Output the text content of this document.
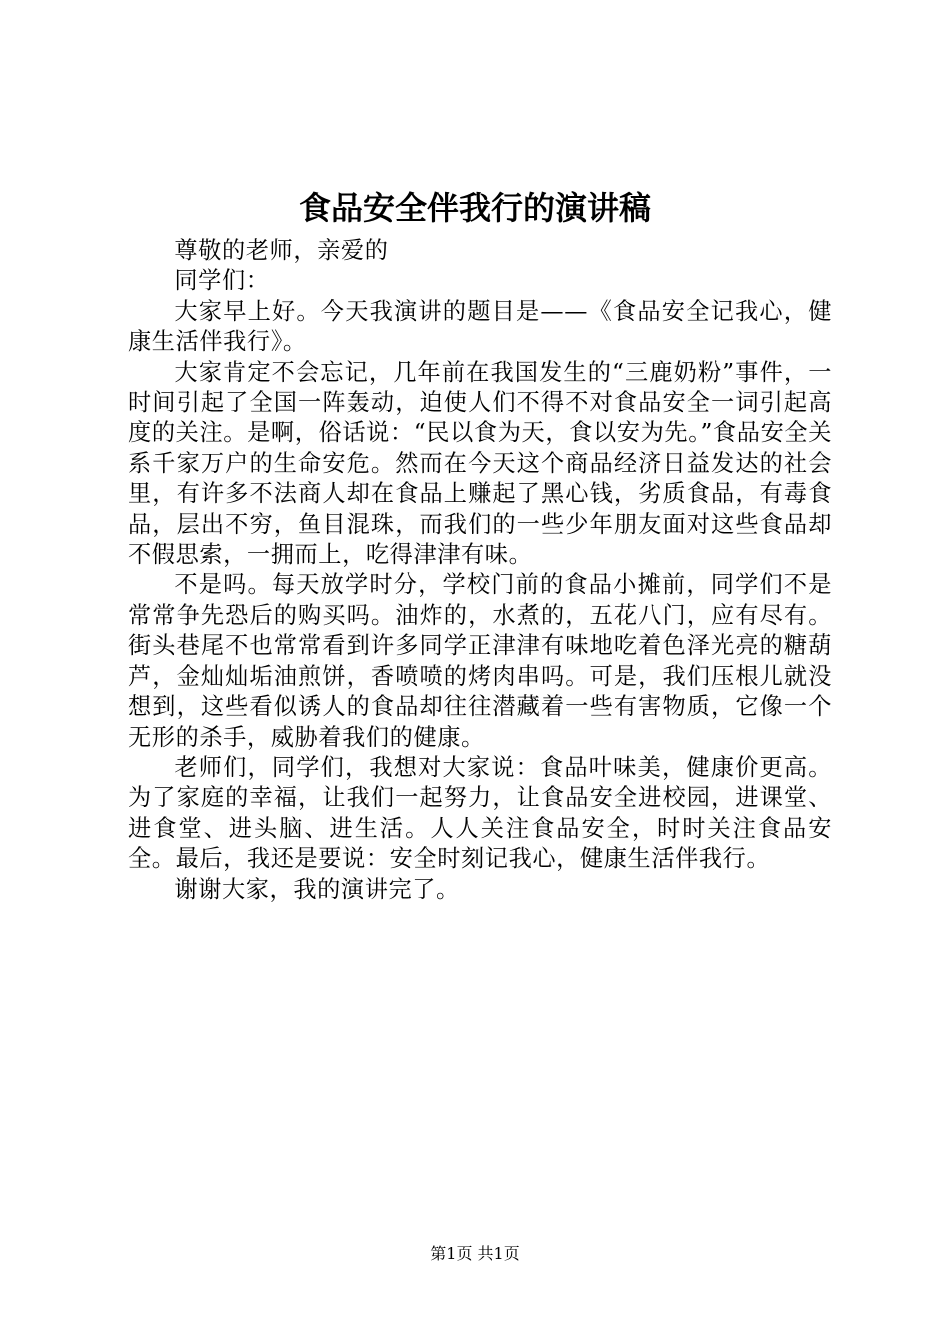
食品安全伴我行的演讲稿

尊敬的老师，亲爱的

同学们：

大家早上好。今天我演讲的题目是——《食品安全记我心，健康生活伴我行》。

大家肯定不会忘记，几年前在我国发生的“三鹿奶粉”事件，一时间引起了全国一阵轰动，迫使人们不得不对食品安全一词引起高度的关注。是啊，俗话说：“民以食为天，食以安为先。”食品安全关系千家万户的生命安危。然而在今天这个商品经济日益发达的社会里，有许多不法商人却在食品上赚起了黑心钱，劣质食品，有毒食品，层出不穷，鱼目混珠，而我们的一些少年朋友面对这些食品却不假思索，一拥而上，吃得津津有味。

不是吗。每天放学时分，学校门前的食品小摊前，同学们不是常常争先恐后的购买吗。油炸的，水煮的，五花八门，应有尽有。街头巷尾不也常常看到许多同学正津津有味地吃着色泽光亮的糖葫芦，金灿灿垢油煎饼，香喷喷的烤肉串吗。可是，我们压根儿就没想到，这些看似诱人的食品却往往潜藏着一些有害物质，它像一个无形的杀手，威胁着我们的健康。

老师们，同学们，我想对大家说：食品叶味美，健康价更高。为了家庭的幸福，让我们一起努力，让食品安全进校园，进课堂、进食堂、进头脑、进生活。人人关注食品安全，时时关注食品安全。最后，我还是要说：安全时刻记我心，健康生活伴我行。

谢谢大家，我的演讲完了。

第1页 共1页
